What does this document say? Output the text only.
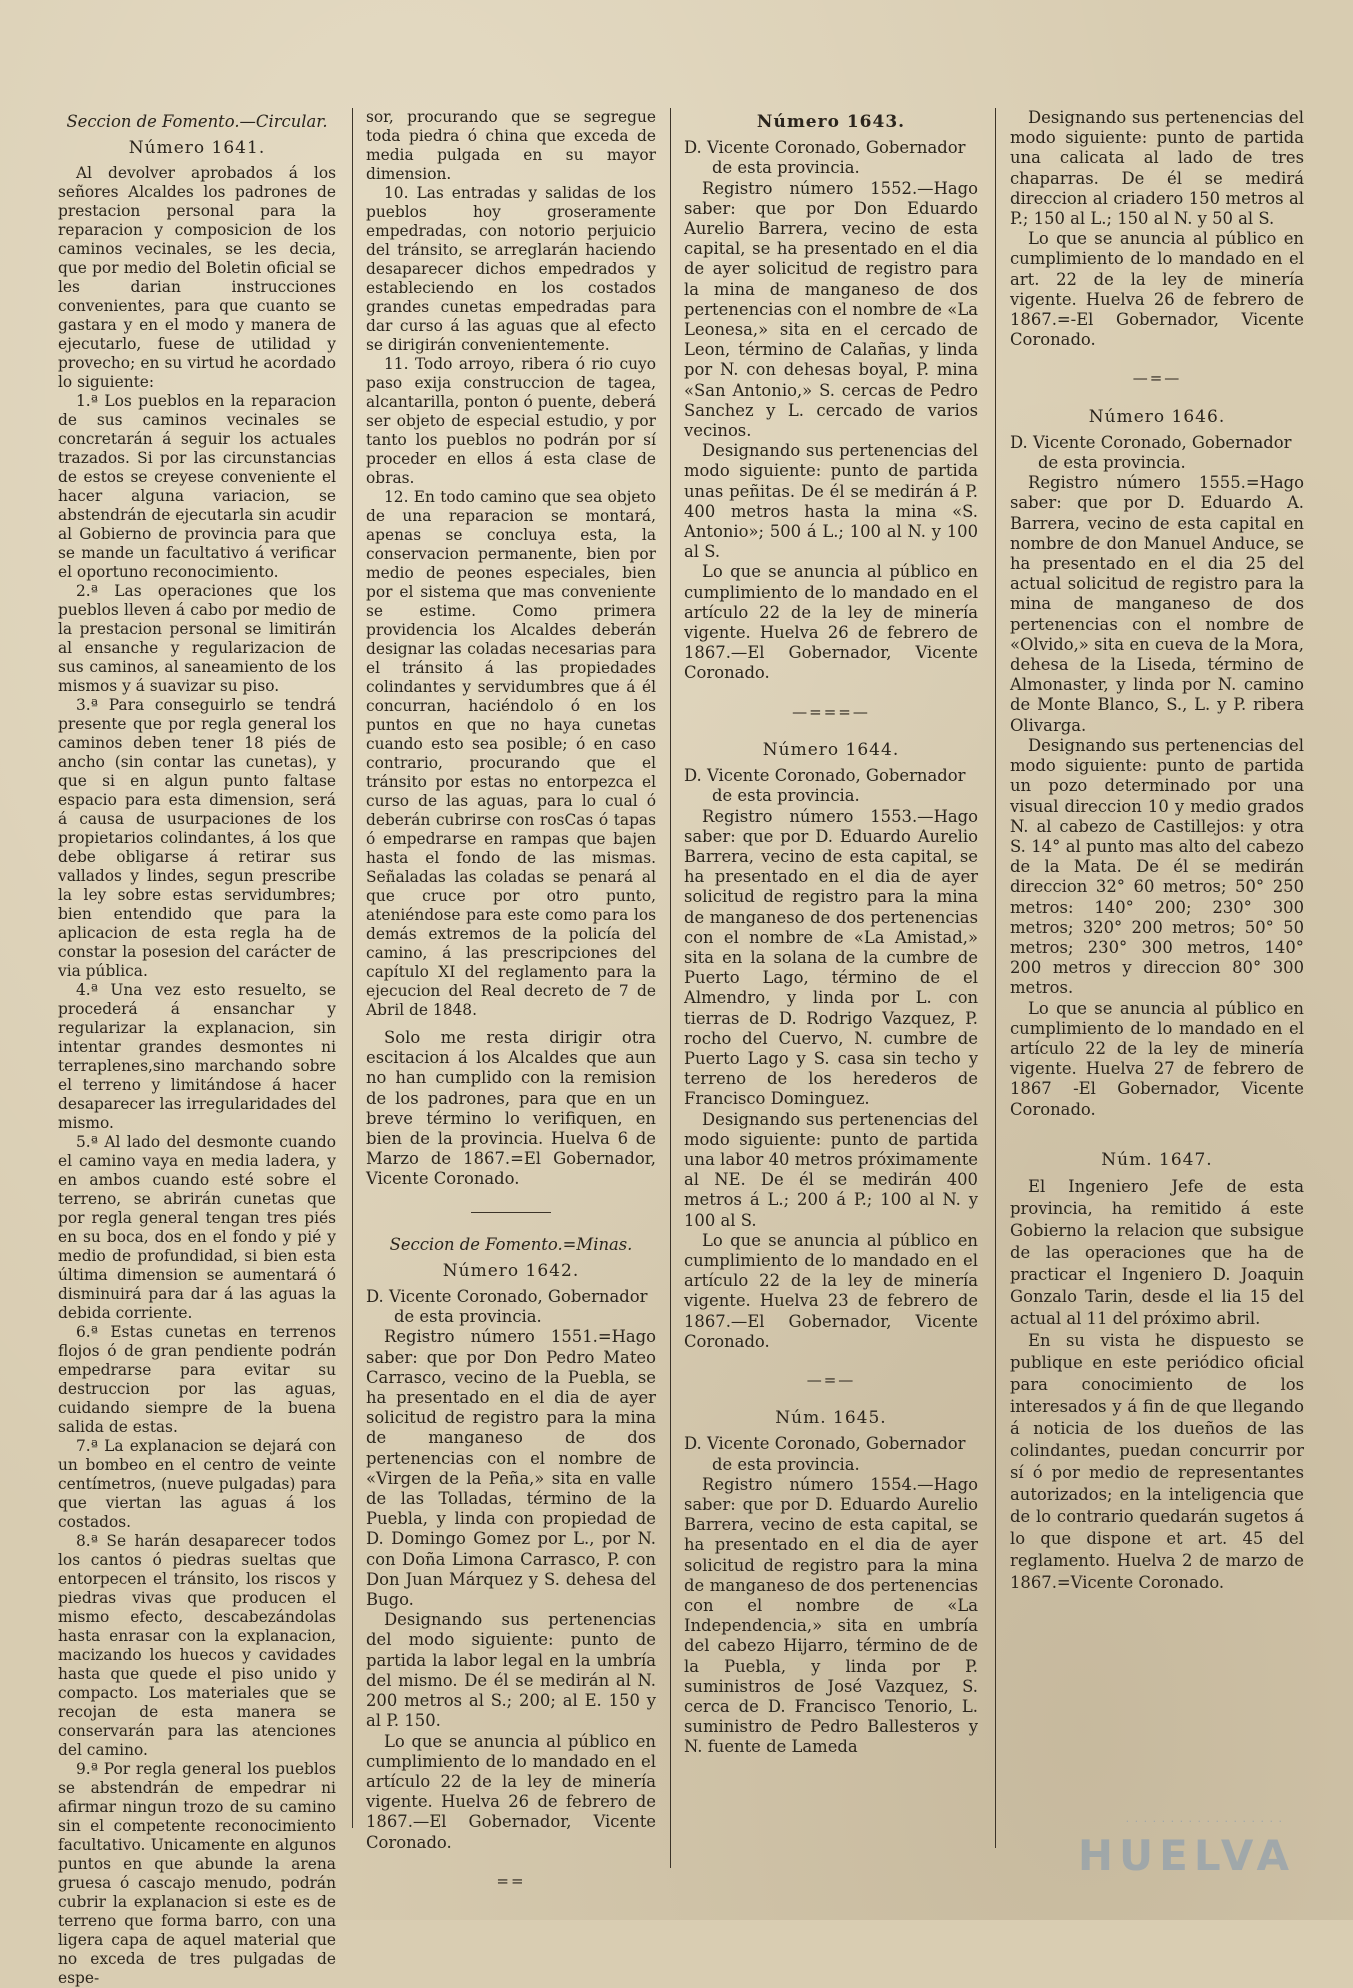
Seccion de Fomento.—Circular.

Número 1641.

Al devolver aprobados á los señores Alcaldes los padrones de prestacion personal para la reparacion y composicion de los caminos vecinales, se les decia, que por medio del Boletin oficial se les darian instrucciones convenientes, para que cuanto se gastara y en el modo y manera de ejecutarlo, fuese de utilidad y provecho; en su virtud he acordado lo siguiente:

1.ª Los pueblos en la reparacion de sus caminos vecinales se concretarán á seguir los actuales trazados. Si por las circunstancias de estos se creyese conveniente el hacer alguna variacion, se abstendrán de ejecutarla sin acudir al Gobierno de provincia para que se mande un facultativo á verificar el oportuno reconocimiento.

2.ª Las operaciones que los pueblos lleven á cabo por medio de la prestacion personal se limitirán al ensanche y regularizacion de sus caminos, al saneamiento de los mismos y á suavizar su piso.

3.ª Para conseguirlo se tendrá presente que por regla general los caminos deben tener 18 piés de ancho (sin contar las cunetas), y que si en algun punto faltase espacio para esta dimension, será á causa de usurpaciones de los propietarios colindantes, á los que debe obligarse á retirar sus vallados y lindes, segun prescribe la ley sobre estas servidumbres; bien entendido que para la aplicacion de esta regla ha de constar la posesion del carácter de via pública.

4.ª Una vez esto resuelto, se procederá á ensanchar y regularizar la explanacion, sin intentar grandes desmontes ni terraplenes,sino marchando sobre el terreno y limitándose á hacer desaparecer las irregularidades del mismo.

5.ª Al lado del desmonte cuando el camino vaya en media ladera, y en ambos cuando esté sobre el terreno, se abrirán cunetas que por regla general tengan tres piés en su boca, dos en el fondo y pié y medio de profundidad, si bien esta última dimension se aumentará ó disminuirá para dar á las aguas la debida corriente.

6.ª Estas cunetas en terrenos flojos ó de gran pendiente podrán empedrarse para evitar su destruccion por las aguas, cuidando siempre de la buena salida de estas.

7.ª La explanacion se dejará con un bombeo en el centro de veinte centímetros, (nueve pulgadas) para que viertan las aguas á los costados.

8.ª Se harán desaparecer todos los cantos ó piedras sueltas que entorpecen el tránsito, los riscos y piedras vivas que producen el mismo efecto, descabezándolas hasta enrasar con la explanacion, macizando los huecos y cavidades hasta que quede el piso unido y compacto. Los materiales que se recojan de esta manera se conservarán para las atenciones del camino.

9.ª Por regla general los pueblos se abstendrán de empedrar ni afirmar ningun trozo de su camino sin el competente reconocimiento facultativo. Unicamente en algunos puntos en que abunde la arena gruesa ó cascajo menudo, podrán cubrir la explanacion si este es de terreno que forma barro, con una ligera capa de aquel material que no exceda de tres pulgadas de espe-

sor, procurando que se segregue toda piedra ó china que exceda de media pulgada en su mayor dimension.

10. Las entradas y salidas de los pueblos hoy groseramente empedradas, con notorio perjuicio del tránsito, se arreglarán haciendo desaparecer dichos empedrados y estableciendo en los costados grandes cunetas empedradas para dar curso á las aguas que al efecto se dirigirán convenientemente.

11. Todo arroyo, ribera ó rio cuyo paso exija construccion de tagea, alcantarilla, ponton ó puente, deberá ser objeto de especial estudio, y por tanto los pueblos no podrán por sí proceder en ellos á esta clase de obras.

12. En todo camino que sea objeto de una reparacion se montará, apenas se concluya esta, la conservacion permanente, bien por medio de peones especiales, bien por el sistema que mas conveniente se estime. Como primera providencia los Alcaldes deberán designar las coladas necesarias para el tránsito á las propiedades colindantes y servidumbres que á él concurran, haciéndolo ó en los puntos en que no haya cunetas cuando esto sea posible; ó en caso contrario, procurando que el tránsito por estas no entorpezca el curso de las aguas, para lo cual ó deberán cubrirse con rosCas ó tapas ó empedrarse en rampas que bajen hasta el fondo de las mismas. Señaladas las coladas se penará al que cruce por otro punto, ateniéndose para este como para los demás extremos de la policía del camino, á las prescripciones del capítulo XI del reglamento para la ejecucion del Real decreto de 7 de Abril de 1848.

Solo me resta dirigir otra escitacion á los Alcaldes que aun no han cumplido con la remision de los padrones, para que en un breve término lo verifiquen, en bien de la provincia. Huelva 6 de Marzo de 1867.=El Gobernador, Vicente Coronado.

Seccion de Fomento.=Minas.

Número 1642.

D. Vicente Coronado, Gobernador
de esta provincia.

Registro número 1551.=Hago saber: que por Don Pedro Mateo Carrasco, vecino de la Puebla, se ha presentado en el dia de ayer solicitud de registro para la mina de manganeso de dos pertenencias con el nombre de «Virgen de la Peña,» sita en valle de las Tolladas, término de la Puebla, y linda con propiedad de D. Domingo Gomez por L., por N. con Doña Limona Carrasco, P. con Don Juan Márquez y S. dehesa del Bugo.

Designando sus pertenencias del modo siguiente: punto de partida la labor legal en la umbría del mismo. De él se medirán al N. 200 metros al S.; 200; al E. 150 y al P. 150.

Lo que se anuncia al público en cumplimiento de lo mandado en el artículo 22 de la ley de minería vigente. Huelva 26 de febrero de 1867.—El Gobernador, Vicente Coronado.

==

Número 1643.

D. Vicente Coronado, Gobernador
de esta provincia.

Registro número 1552.—Hago saber: que por Don Eduardo Aurelio Barrera, vecino de esta capital, se ha presentado en el dia de ayer solicitud de registro para la mina de manganeso de dos pertenencias con el nombre de «La Leonesa,» sita en el cercado de Leon, término de Calañas, y linda por N. con dehesas boyal, P. mina «San Antonio,» S. cercas de Pedro Sanchez y L. cercado de varios vecinos.

Designando sus pertenencias del modo siguiente: punto de partida unas peñitas. De él se medirán á P. 400 metros hasta la mina «S. Antonio»; 500 á L.; 100 al N. y 100 al S.

Lo que se anuncia al público en cumplimiento de lo mandado en el artículo 22 de la ley de minería vigente. Huelva 26 de febrero de 1867.—El Gobernador, Vicente Coronado.

—===—

Número 1644.

D. Vicente Coronado, Gobernador
de esta provincia.

Registro número 1553.—Hago saber: que por D. Eduardo Aurelio Barrera, vecino de esta capital, se ha presentado en el dia de ayer solicitud de registro para la mina de manganeso de dos pertenencias con el nombre de «La Amistad,» sita en la solana de la cumbre de Puerto Lago, término de el Almendro, y linda por L. con tierras de D. Rodrigo Vazquez, P. rocho del Cuervo, N. cumbre de Puerto Lago y S. casa sin techo y terreno de los herederos de Francisco Dominguez.

Designando sus pertenencias del modo siguiente: punto de partida una labor 40 metros próximamente al NE. De él se medirán 400 metros á L.; 200 á P.; 100 al N. y 100 al S.

Lo que se anuncia al público en cumplimiento de lo mandado en el artículo 22 de la ley de minería vigente. Huelva 23 de febrero de 1867.—El Gobernador, Vicente Coronado.

—=—

Núm. 1645.

D. Vicente Coronado, Gobernador
de esta provincia.

Registro número 1554.—Hago saber: que por D. Eduardo Aurelio Barrera, vecino de esta capital, se ha presentado en el dia de ayer solicitud de registro para la mina de manganeso de dos pertenencias con el nombre de «La Independencia,» sita en umbría del cabezo Hijarro, término de de la Puebla, y linda por P. suministros de José Vazquez, S. cerca de D. Francisco Tenorio, L. suministro de Pedro Ballesteros y N. fuente de Lameda

Designando sus pertenencias del modo siguiente: punto de partida una calicata al lado de tres chaparras. De él se medirá direccion al criadero 150 metros al P.; 150 al L.; 150 al N. y 50 al S.

Lo que se anuncia al público en cumplimiento de lo mandado en el art. 22 de la ley de minería vigente. Huelva 26 de febrero de 1867.=-El Gobernador, Vicente Coronado.

—=—

Número 1646.

D. Vicente Coronado, Gobernador
de esta provincia.

Registro número 1555.=Hago saber: que por D. Eduardo A. Barrera, vecino de esta capital en nombre de don Manuel Anduce, se ha presentado en el dia 25 del actual solicitud de registro para la mina de manganeso de dos pertenencias con el nombre de «Olvido,» sita en cueva de la Mora, dehesa de la Liseda, término de Almonaster, y linda por N. camino de Monte Blanco, S., L. y P. ribera Olivarga.

Designando sus pertenencias del modo siguiente: punto de partida un pozo determinado por una visual direccion 10 y medio grados N. al cabezo de Castillejos: y otra S. 14° al punto mas alto del cabezo de la Mata. De él se medirán direccion 32° 60 metros; 50° 250 metros: 140° 200; 230° 300 metros; 320° 200 metros; 50° 50 metros; 230° 300 metros, 140° 200 metros y direccion 80° 300 metros.

Lo que se anuncia al público en cumplimiento de lo mandado en el artículo 22 de la ley de minería vigente. Huelva 27 de febrero de 1867 -El Gobernador, Vicente Coronado.

Núm. 1647.

El Ingeniero Jefe de esta provincia, ha remitido á este Gobierno la relacion que subsigue de las operaciones que ha de practicar el Ingeniero D. Joaquin Gonzalo Tarin, desde el lia 15 del actual al 11 del próximo abril.

En su vista he dispuesto se publique en este periódico oficial para conocimiento de los interesados y á fin de que llegando á noticia de los dueños de las colindantes, puedan concurrir por sí ó por medio de representantes autorizados; en la inteligencia que de lo contrario quedarán sugetos á lo que dispone et art. 45 del reglamento. Huelva 2 de marzo de 1867.=Vicente Coronado.

· · · · · · · · · · · · · · · · · ·
HUELVA
